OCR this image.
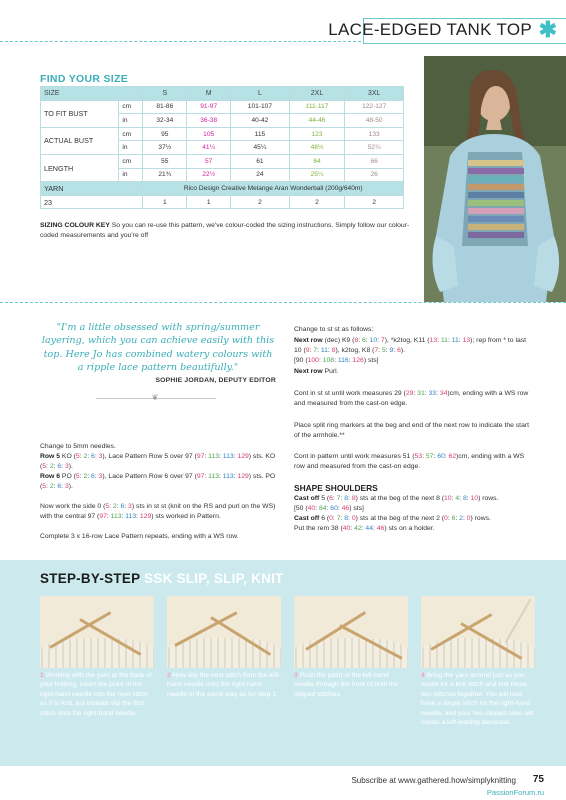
LACE-EDGED TANK TOP ✱
FIND YOUR SIZE
SIZE		S	M	L	2XL	3XL
TO FIT BUST	cm	81-86	91-97	101-107	111-117	122-127
	in	32-34	36-38	40-42	44-46	48-50
ACTUAL BUST	cm	95	105	115	123	133
	in	37½	41¼	45¼	48½	52¼
LENGTH	cm	55	57	61	64	66
	in	21¾	22½	24	25¼	26
YARN		Rico Design Creative Melange Aran Wonderball (200g/640m)				
23		1	1	2	2	2
SIZING COLOUR KEY So you can re-use this pattern, we've colour-coded the sizing instructions. Simply follow our colour-coded measurements and you're off
"I'm a little obsessed with spring/summer layering, which you can achieve easily with this top. Here Jo has combined watery colours with a ripple lace pattern beautifully."
SOPHIE JORDAN, DEPUTY EDITOR
❦
Change to 5mm needles.
Row 5 KO (5: 2: 6: 3), Lace Pattern Row 5 over 97 (97: 113: 113: 129) sts. KO (5: 2: 6: 3).
Row 6 PO (5: 2: 6: 3), Lace Pattern Row 6 over 97 (97: 113: 113: 129) sts. PO (5: 2: 6: 3).
Now work the side 0 (5: 2: 6: 3) sts in st st (knit on the RS and purl on the WS) with the central 97 (97: 113: 113: 129) sts worked in Pattern.
Complete 3 x 16-row Lace Pattern repeats, ending with a WS row.
Change to st st as follows:
Next row (dec) K9 (8: 6: 10: 7), *k2tog, K11 (13: 11: 11: 13); rep from * to last 10 (9: 7: 11: 8), k2tog, K8 (7: 5: 9: 6).
[90 (100: 108: 116: 126) sts]
Next row Purl.
Cont in st st until work measures 29 (29: 31: 33: 34)cm, ending with a WS row and measured from the cast-on edge.
Place split ring markers at the beg and end of the next row to indicate the start of the armhole.**
Cont in pattern until work measures 51 (53: 57: 60: 62)cm, ending with a WS row and measured from the cast-on edge.
SHAPE SHOULDERS
Cast off 5 (6: 7: 8: 8) sts at the beg of the next 8 (10: 4: 8: 10) rows.
[50 (40: 84: 60: 46) sts]
Cast off 6 (0: 7: 8: 0) sts at the beg of the next 2 (0: 6: 2: 0) rows.
Put the rem 38 (40: 42: 44: 46) sts on a holder.
STEP-BY-STEP SSK SLIP, SLIP, KNIT
1 Working with the yarn at the back of your knitting, insert the point of the right-hand needle into the next stitch as if to knit, but instead slip the first stitch onto the right-hand needle.
2 Now slip the next stitch from the left-hand needle onto the right-hand needle in the same way as for step 1.
3 Push the point of the left-hand needle through the front of both the slipped stitches.
4 Bring the yarn around just as you would for a knit stitch and knit these two stitches together. You will now have a single stitch on the right-hand needle, and your two slipped ones will create a left-leaning decrease.
Subscribe at www.gathered.how/simplyknitting 75
PassionForum.ru
